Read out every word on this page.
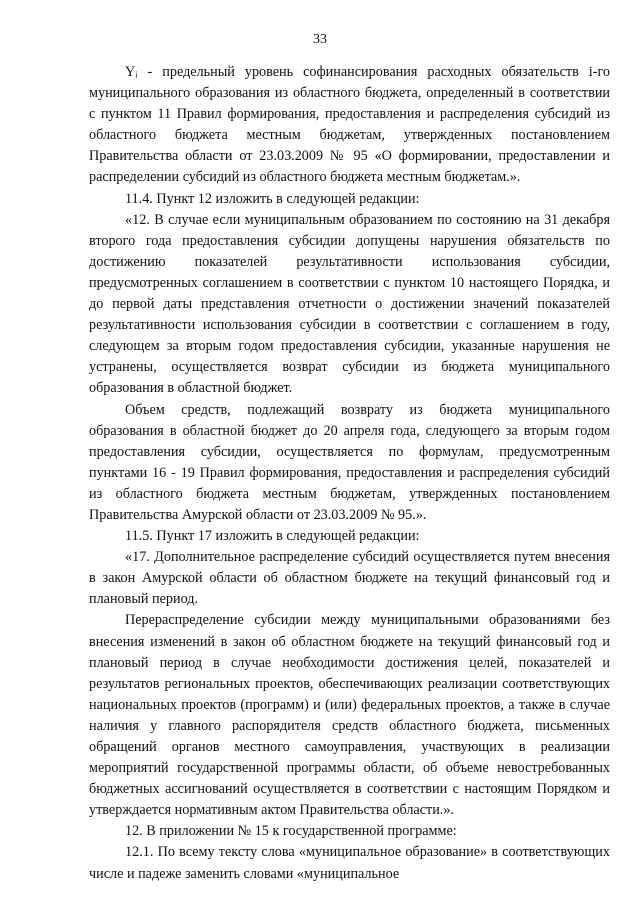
33

Yᵢ - предельный уровень софинансирования расходных обязательств i-го муниципального образования из областного бюджета, определенный в соответствии с пунктом 11 Правил формирования, предоставления и распределения субсидий из областного бюджета местным бюджетам, утвержденных постановлением Правительства области от 23.03.2009 № 95 «О формировании, предоставлении и распределении субсидий из областного бюджета местным бюджетам.».

11.4. Пункт 12 изложить в следующей редакции:

«12. В случае если муниципальным образованием по состоянию на 31 декабря второго года предоставления субсидии допущены нарушения обязательств по достижению показателей результативности использования субсидии, предусмотренных соглашением в соответствии с пунктом 10 настоящего Порядка, и до первой даты представления отчетности о достижении значений показателей результативности использования субсидии в соответствии с соглашением в году, следующем за вторым годом предоставления субсидии, указанные нарушения не устранены, осуществляется возврат субсидии из бюджета муниципального образования в областной бюджет.

Объем средств, подлежащий возврату из бюджета муниципального образования в областной бюджет до 20 апреля года, следующего за вторым годом предоставления субсидии, осуществляется по формулам, предусмотренным пунктами 16 - 19 Правил формирования, предоставления и распределения субсидий из областного бюджета местным бюджетам, утвержденных постановлением Правительства Амурской области от 23.03.2009 № 95.».

11.5. Пункт 17 изложить в следующей редакции:

«17. Дополнительное распределение субсидий осуществляется путем внесения в закон Амурской области об областном бюджете на текущий финансовый год и плановый период.

Перераспределение субсидии между муниципальными образованиями без внесения изменений в закон об областном бюджете на текущий финансовый год и плановый период в случае необходимости достижения целей, показателей и результатов региональных проектов, обеспечивающих реализации соответствующих национальных проектов (программ) и (или) федеральных проектов, а также в случае наличия у главного распорядителя средств областного бюджета, письменных обращений органов местного самоуправления, участвующих в реализации мероприятий государственной программы области, об объеме невостребованных бюджетных ассигнований осуществляется в соответствии с настоящим Порядком и утверждается нормативным актом Правительства области.».

12. В приложении № 15 к государственной программе:

12.1. По всему тексту слова «муниципальное образование» в соответствующих числе и падеже заменить словами «муниципальное
